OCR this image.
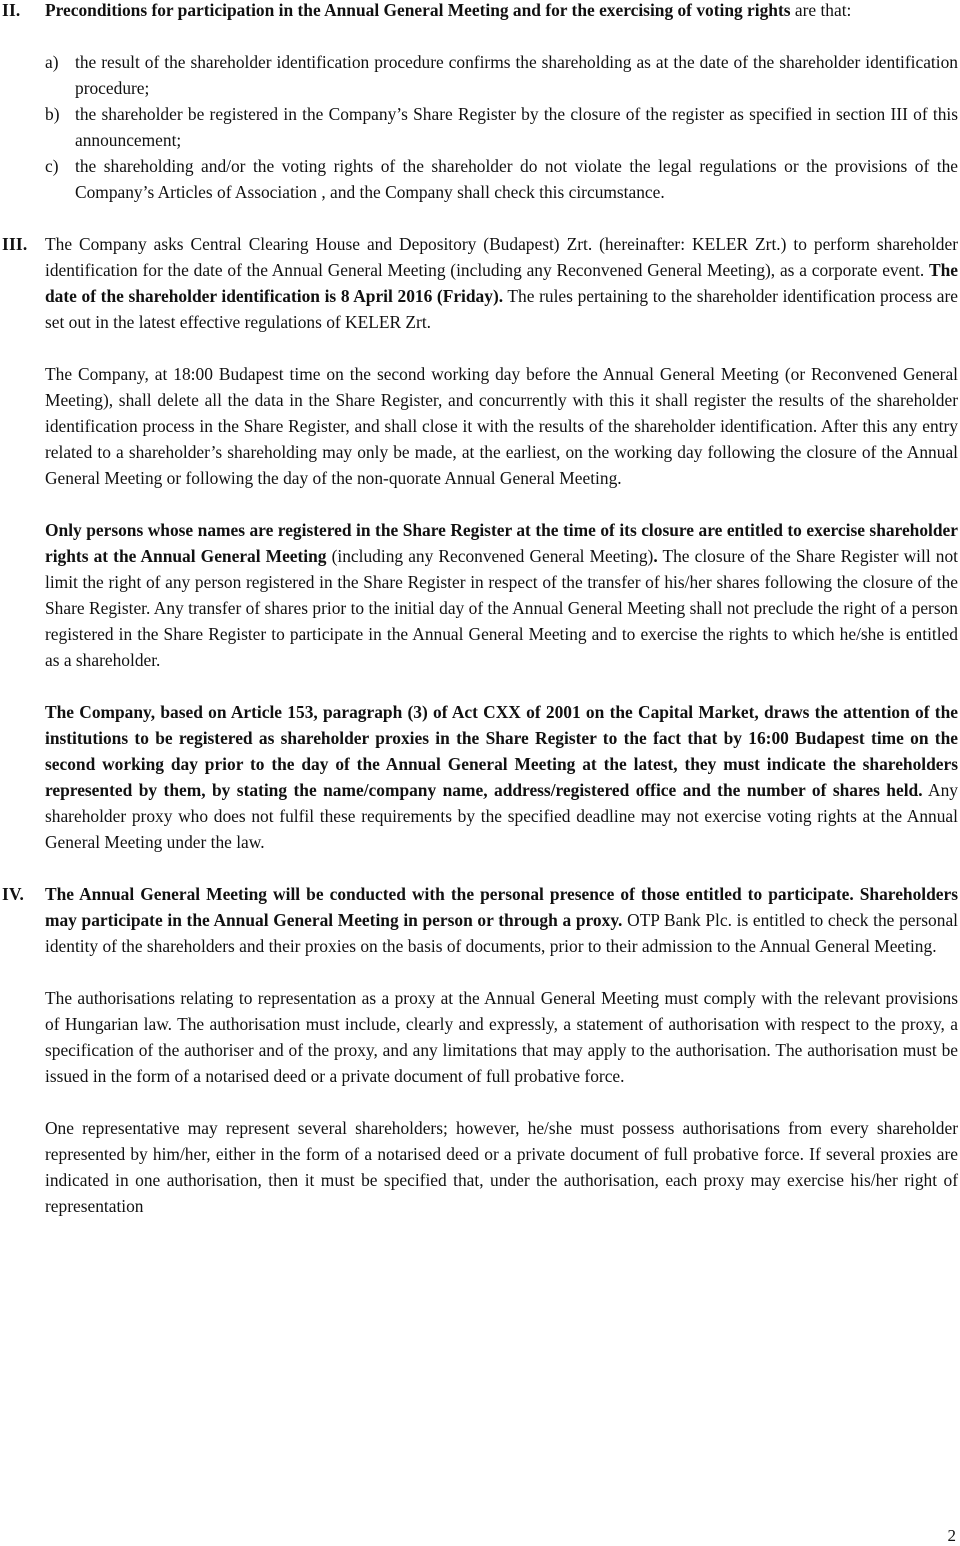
II. Preconditions for participation in the Annual General Meeting and for the exercising of voting rights are that:

a) the result of the shareholder identification procedure confirms the shareholding as at the date of the shareholder identification procedure;
b) the shareholder be registered in the Company’s Share Register by the closure of the register as specified in section III of this announcement;
c) the shareholding and/or the voting rights of the shareholder do not violate the legal regulations or the provisions of the Company’s Articles of Association , and the Company shall check this circumstance.
III. The Company asks Central Clearing House and Depository (Budapest) Zrt. (hereinafter: KELER Zrt.) to perform shareholder identification for the date of the Annual General Meeting (including any Reconvened General Meeting), as a corporate event. The date of the shareholder identification is 8 April 2016 (Friday). The rules pertaining to the shareholder identification process are set out in the latest effective regulations of KELER Zrt.

The Company, at 18:00 Budapest time on the second working day before the Annual General Meeting (or Reconvened General Meeting), shall delete all the data in the Share Register, and concurrently with this it shall register the results of the shareholder identification process in the Share Register, and shall close it with the results of the shareholder identification. After this any entry related to a shareholder’s shareholding may only be made, at the earliest, on the working day following the closure of the Annual General Meeting or following the day of the non-quorate Annual General Meeting.

Only persons whose names are registered in the Share Register at the time of its closure are entitled to exercise shareholder rights at the Annual General Meeting (including any Reconvened General Meeting). The closure of the Share Register will not limit the right of any person registered in the Share Register in respect of the transfer of his/her shares following the closure of the Share Register. Any transfer of shares prior to the initial day of the Annual General Meeting shall not preclude the right of a person registered in the Share Register to participate in the Annual General Meeting and to exercise the rights to which he/she is entitled as a shareholder.

The Company, based on Article 153, paragraph (3) of Act CXX of 2001 on the Capital Market, draws the attention of the institutions to be registered as shareholder proxies in the Share Register to the fact that by 16:00 Budapest time on the second working day prior to the day of the Annual General Meeting at the latest, they must indicate the shareholders represented by them, by stating the name/company name, address/registered office and the number of shares held. Any shareholder proxy who does not fulfil these requirements by the specified deadline may not exercise voting rights at the Annual General Meeting under the law.

IV. The Annual General Meeting will be conducted with the personal presence of those entitled to participate. Shareholders may participate in the Annual General Meeting in person or through a proxy. OTP Bank Plc. is entitled to check the personal identity of the shareholders and their proxies on the basis of documents, prior to their admission to the Annual General Meeting.

The authorisations relating to representation as a proxy at the Annual General Meeting must comply with the relevant provisions of Hungarian law. The authorisation must include, clearly and expressly, a statement of authorisation with respect to the proxy, a specification of the authoriser and of the proxy, and any limitations that may apply to the authorisation. The authorisation must be issued in the form of a notarised deed or a private document of full probative force.

One representative may represent several shareholders; however, he/she must possess authorisations from every shareholder represented by him/her, either in the form of a notarised deed or a private document of full probative force. If several proxies are indicated in one authorisation, then it must be specified that, under the authorisation, each proxy may exercise his/her right of representation

2
